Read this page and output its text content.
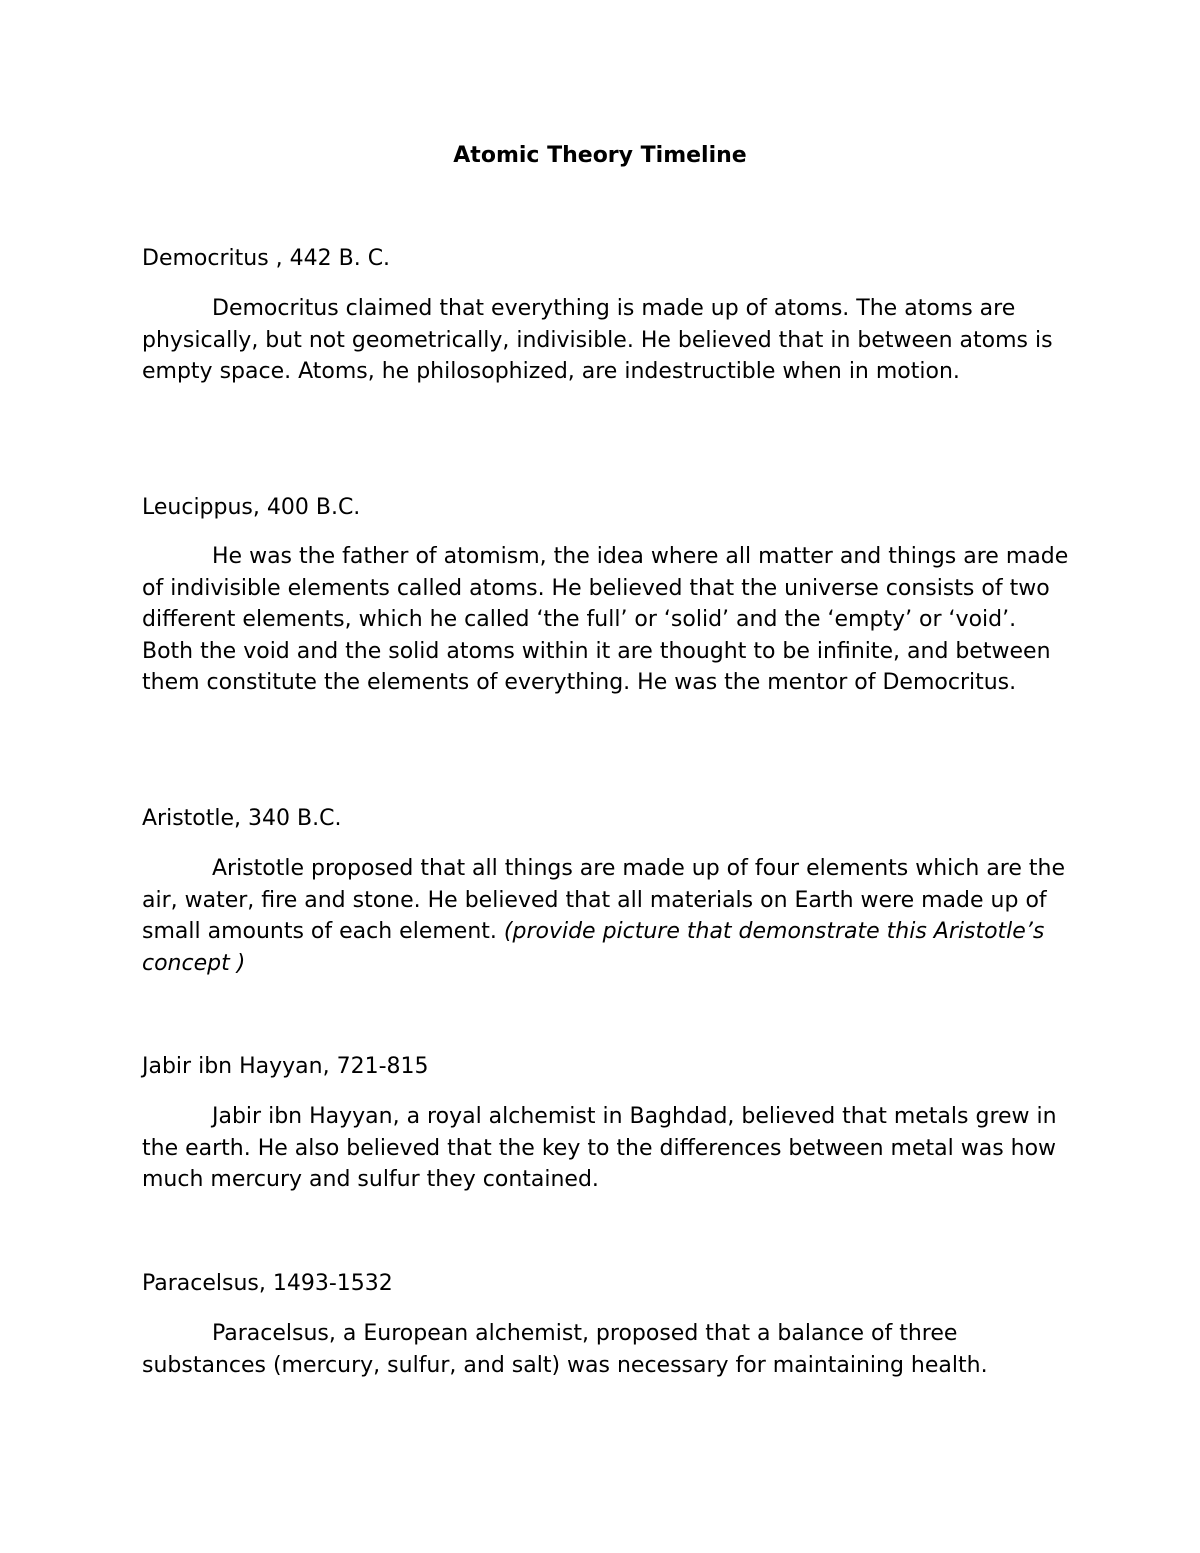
Atomic Theory Timeline
Democritus , 442 B. C.

Democritus claimed that everything is made up of atoms. The atoms are physically, but not geometrically, indivisible. He believed that in between atoms is empty space. Atoms, he philosophized, are indestructible when in motion.

Leucippus, 400 B.C.

He was the father of atomism, the idea where all matter and things are made of indivisible elements called atoms. He believed that the universe consists of two different elements, which he called ‘the full’ or ‘solid’ and the ‘empty’ or ‘void’. Both the void and the solid atoms within it are thought to be infinite, and between them constitute the elements of everything. He was the mentor of Democritus.

Aristotle, 340 B.C.

Aristotle proposed that all things are made up of four elements which are the air, water, fire and stone. He believed that all materials on Earth were made up of small amounts of each element. (provide picture that demonstrate this Aristotle’s concept )

Jabir ibn Hayyan, 721-815

Jabir ibn Hayyan, a royal alchemist in Baghdad, believed that metals grew in the earth. He also believed that the key to the differences between metal was how much mercury and sulfur they contained.

Paracelsus, 1493-1532

Paracelsus, a European alchemist, proposed that a balance of three substances (mercury, sulfur, and salt) was necessary for maintaining health.
